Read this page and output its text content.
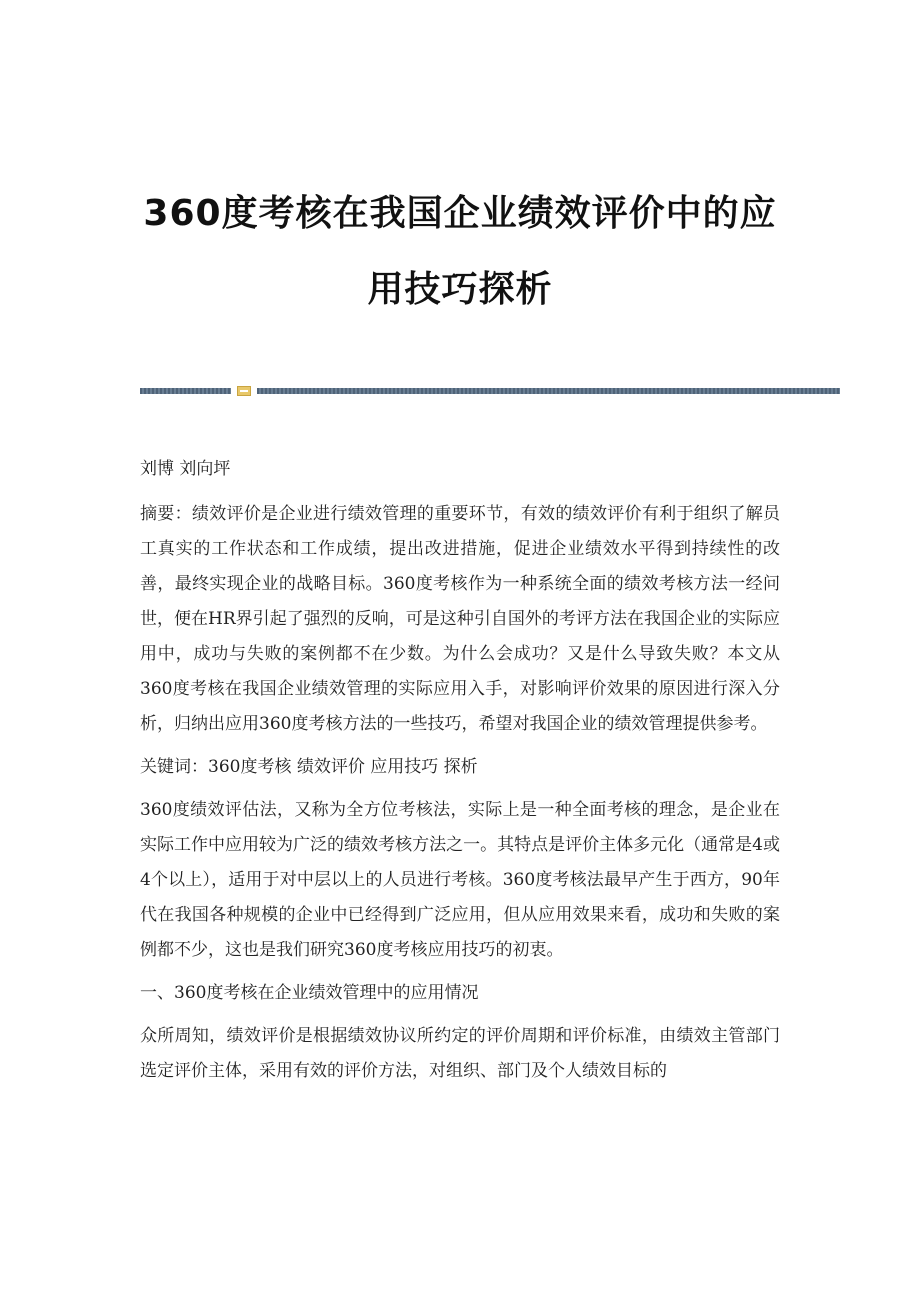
360度考核在我国企业绩效评价中的应
用技巧探析

刘博 刘向坪

摘要：绩效评价是企业进行绩效管理的重要环节，有效的绩效评价有利于组织了解员工真实的工作状态和工作成绩，提出改进措施，促进企业绩效水平得到持续性的改善，最终实现企业的战略目标。360度考核作为一种系统全面的绩效考核方法一经问世，便在HR界引起了强烈的反响，可是这种引自国外的考评方法在我国企业的实际应用中，成功与失败的案例都不在少数。为什么会成功？又是什么导致失败？本文从360度考核在我国企业绩效管理的实际应用入手，对影响评价效果的原因进行深入分析，归纳出应用360度考核方法的一些技巧，希望对我国企业的绩效管理提供参考。

关键词：360度考核 绩效评价 应用技巧 探析

360度绩效评估法，又称为全方位考核法，实际上是一种全面考核的理念，是企业在实际工作中应用较为广泛的绩效考核方法之一。其特点是评价主体多元化（通常是4或4个以上），适用于对中层以上的人员进行考核。360度考核法最早产生于西方，90年代在我国各种规模的企业中已经得到广泛应用，但从应用效果来看，成功和失败的案例都不少，这也是我们研究360度考核应用技巧的初衷。

一、360度考核在企业绩效管理中的应用情况

众所周知，绩效评价是根据绩效协议所约定的评价周期和评价标准，由绩效主管部门选定评价主体，采用有效的评价方法，对组织、部门及个人绩效目标的
